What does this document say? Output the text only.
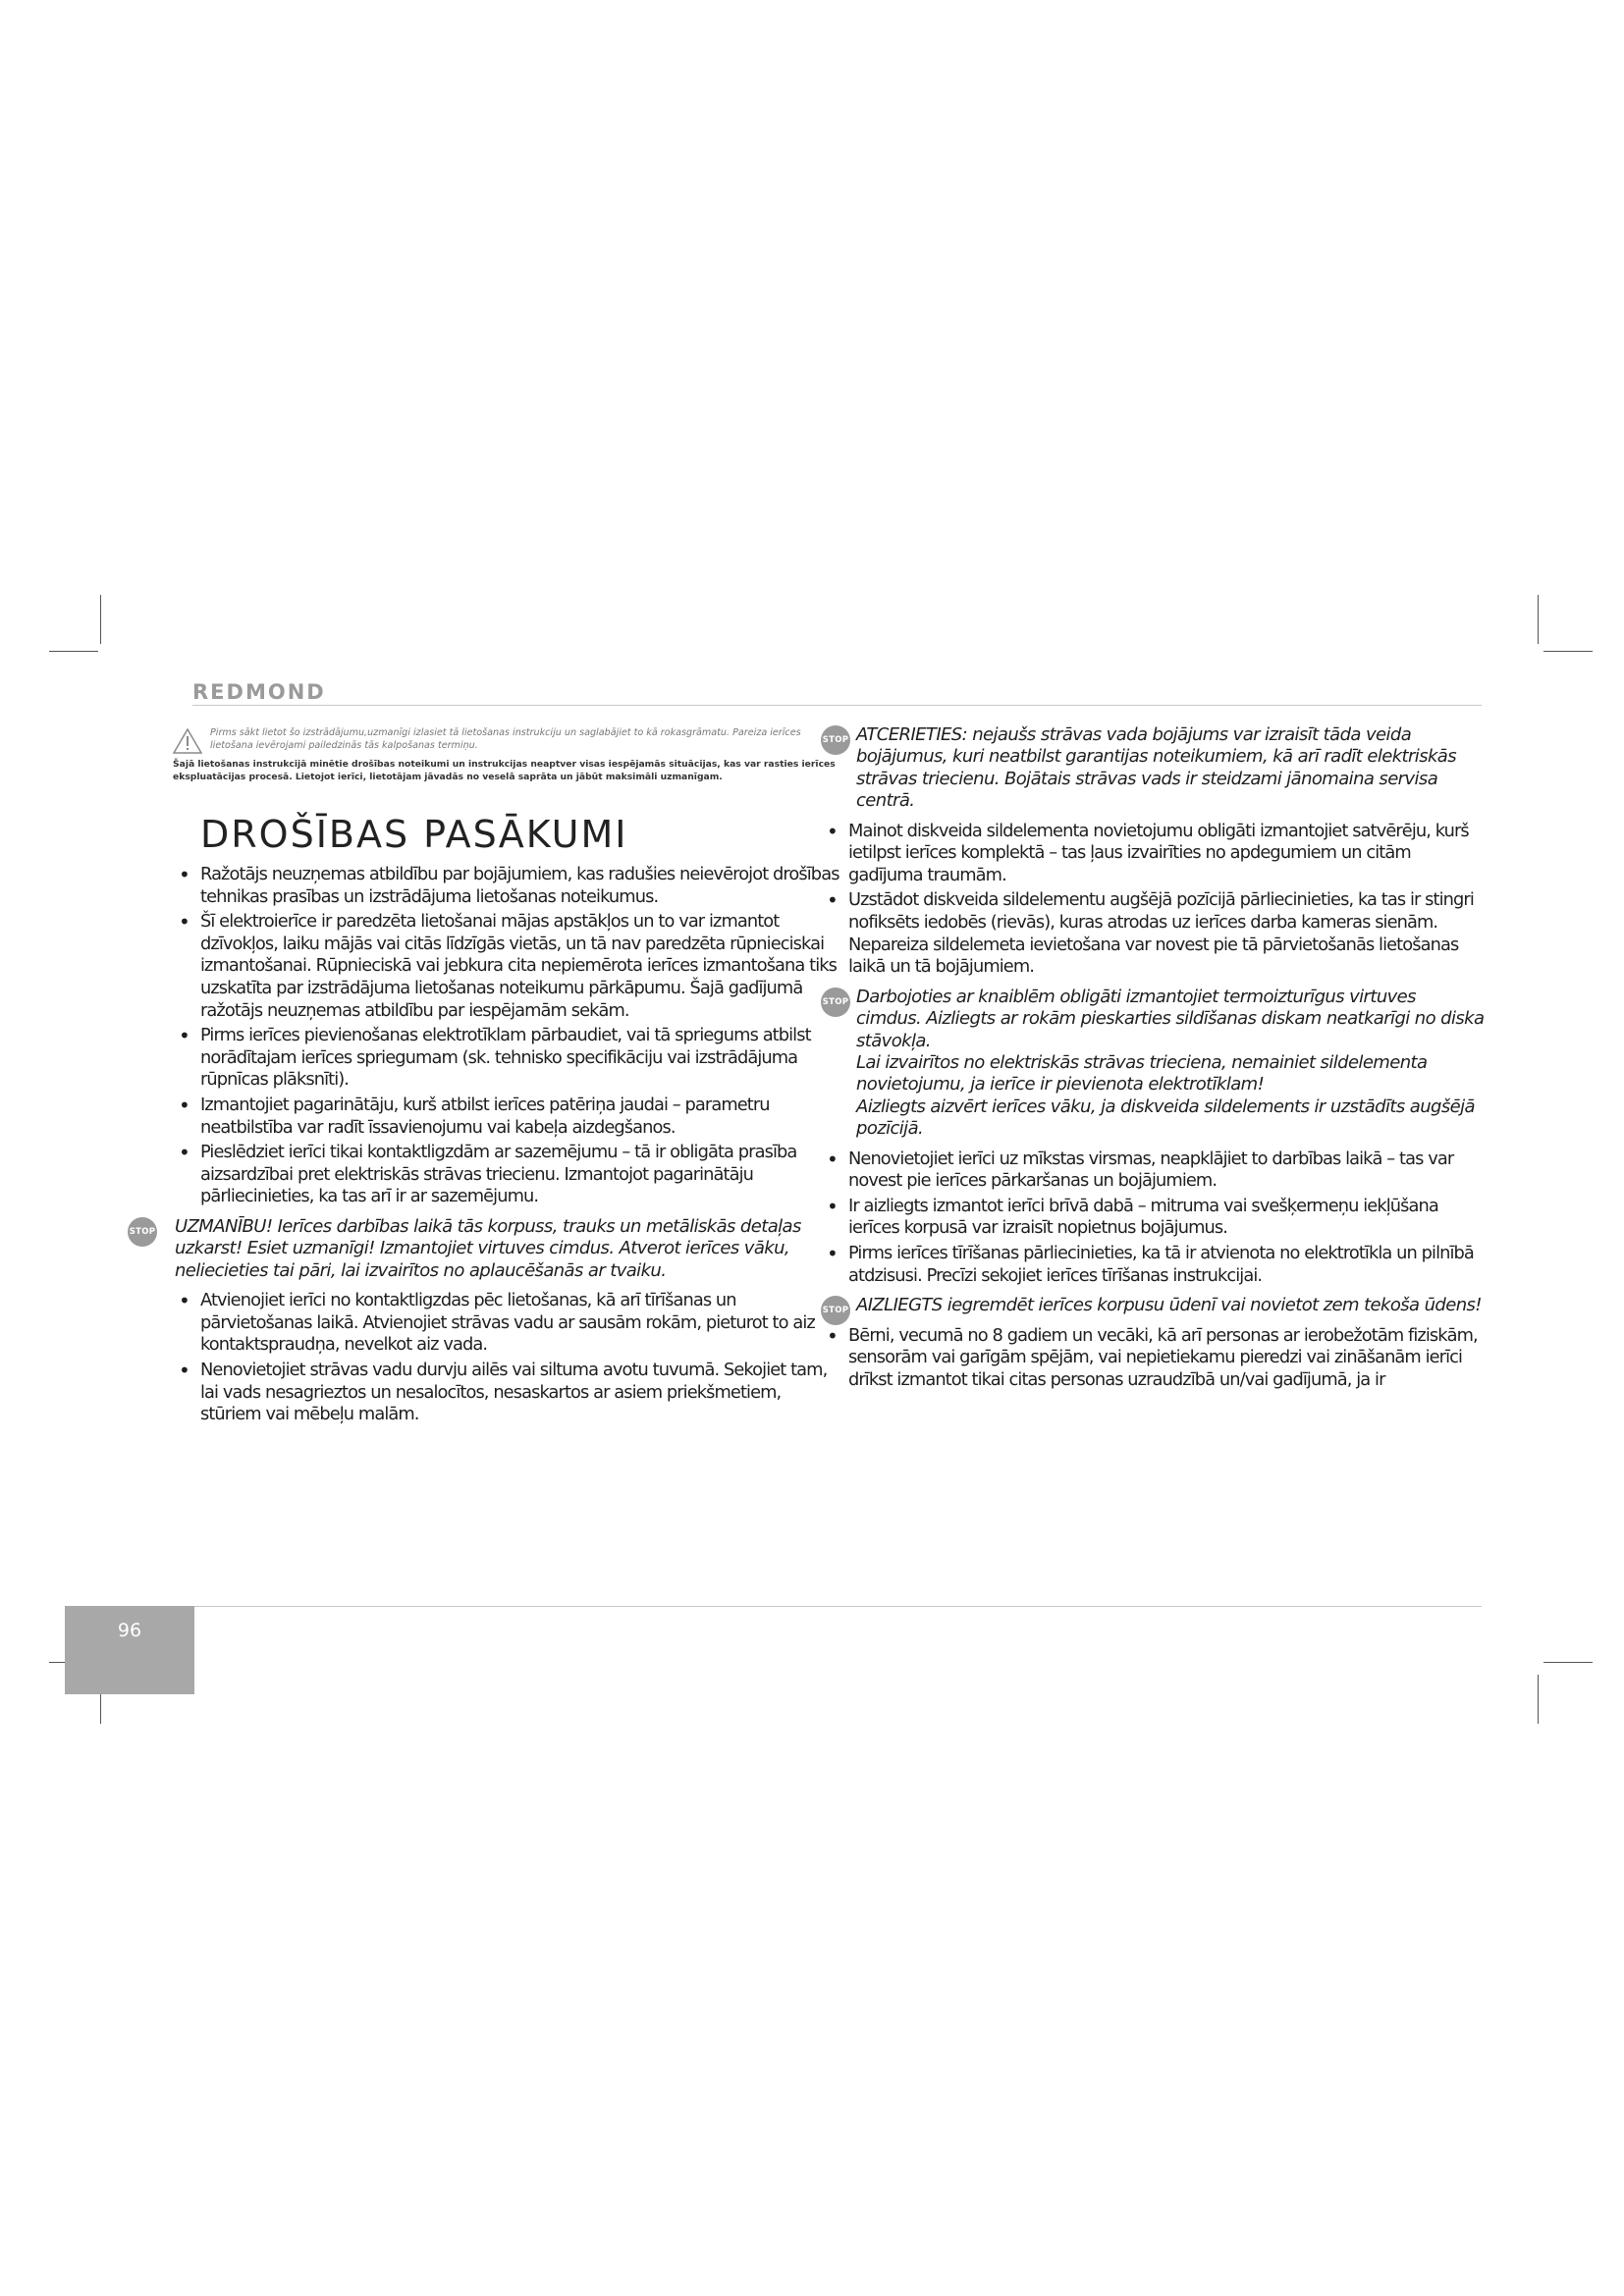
REDMOND
Pirms sākt lietot šo izstrādājumu,uzmanīgi izlasiet tā lietošanas instrukciju un saglabājiet to kā rokasgrāmatu. Pareiza ierīces lietošana ievērojami pailedzinās tās kalpošanas termiņu.
Šajā lietošanas instrukcijā minētie drošības noteikumi un instrukcijas neaptver visas iespējamās situācijas, kas var rasties ierīces ekspluatācijas procesā. Lietojot ierīci, lietotājam jāvadās no veselā saprāta un jābūt maksimāli uzmanīgam.
DROŠĪBAS PASĀKUMI
• Ražotājs neuzņemas atbildību par bojājumiem, kas radušies neievērojot drošības tehnikas prasības un izstrādājuma lietošanas noteikumus.
• Šī elektroierīce ir paredzēta lietošanai mājas apstākļos un to var izmantot dzīvokļos, laiku mājās vai citās līdzīgās vietās, un tā nav paredzēta rūpnieciskai izmantošanai. Rūpnieciskā vai jebkura cita nepiemērota ierīces izmantošana tiks uzskatīta par izstrādājuma lietošanas noteikumu pārkāpumu. Šajā gadījumā ražotājs neuzņemas atbildību par iespējamām sekām.
• Pirms ierīces pievienošanas elektrotīklam pārbaudiet, vai tā spriegums atbilst norādītajam ierīces spriegumam (sk. tehnisko specifikāciju vai izstrādājuma rūpnīcas plāksnīti).
• Izmantojiet pagarinātāju, kurš atbilst ierīces patēriņa jaudai – parametru neatbilstība var radīt īssavienojumu vai kabeļa aizdegšanos.
• Pieslēdziet ierīci tikai kontaktligzdām ar sazemējumu – tā ir obligāta prasība aizsardzībai pret elektriskās strāvas triecienu. Izmantojot pagarinātāju pārliecinieties, ka tas arī ir ar sazemējumu.
STOP	UZMANĪBU! Ierīces darbības laikā tās korpuss, trauks un metāliskās detaļas uzkarst! Esiet uzmanīgi! Izmantojiet virtuves cimdus. Atverot ierīces vāku, neliecieties tai pāri, lai izvairītos no aplaucēšanās ar tvaiku.
• Atvienojiet ierīci no kontaktligzdas pēc lietošanas, kā arī tīrīšanas un pārvietošanas laikā. Atvienojiet strāvas vadu ar sausām rokām, pieturot to aiz kontaktspraudņa, nevelkot aiz vada.
• Nenovietojiet strāvas vadu durvju ailēs vai siltuma avotu tuvumā. Sekojiet tam, lai vads nesagrieztos un nesalocītos, nesaskartos ar asiem priekšmetiem, stūriem vai mēbeļu malām.
STOP ATCERIETIES: nejaušs strāvas vada bojājums var izraisīt tāda veida bojājumus, kuri neatbilst garantijas noteikumiem, kā arī radīt elektriskās strāvas triecienu. Bojātais strāvas vads ir steidzami jānomaina servisa centrā.
• Mainot diskveida sildelementa novietojumu obligāti izmantojiet satvērēju, kurš ietilpst ierīces komplektā – tas ļaus izvairīties no apdegumiem un citām gadījuma traumām.
• Uzstādot diskveida sildelementu augšējā pozīcijā pārliecinieties, ka tas ir stingri nofiksēts iedobēs (rievās), kuras atrodas uz ierīces darba kameras sienām. Nepareiza sildelemeta ievietošana var novest pie tā pārvietošanās lietošanas laikā un tā bojājumiem.
STOP Darbojoties ar knaiblēm obligāti izmantojiet termoizturīgus virtuves cimdus. Aizliegts ar rokām pieskarties sildīšanas diskam neatkarīgi no diska stāvokļa.
Lai izvairītos no elektriskās strāvas trieciena, nemainiet sildelementa novietojumu, ja ierīce ir pievienota elektrotīklam!
Aizliegts aizvērt ierīces vāku, ja diskveida sildelements ir uzstādīts augšējā pozīcijā.
• Nenovietojiet ierīci uz mīkstas virsmas, neapklājiet to darbības laikā – tas var novest pie ierīces pārkaršanas un bojājumiem.
• Ir aizliegts izmantot ierīci brīvā dabā – mitruma vai svešķermeņu iekļūšana ierīces korpusā var izraisīt nopietnus bojājumus.
• Pirms ierīces tīrīšanas pārliecinieties, ka tā ir atvienota no elektrotīkla un pilnībā atdzisusi. Precīzi sekojiet ierīces tīrīšanas instrukcijai.
STOP AIZLIEGTS iegremdēt ierīces korpusu ūdenī vai novietot zem tekoša ūdens!
• Bērni, vecumā no 8 gadiem un vecāki, kā arī personas ar ierobežotām fiziskām, sensorām vai garīgām spējām, vai nepietiekamu pieredzi vai zināšanām ierīci drīkst izmantot tikai citas personas uzraudzībā un/vai gadījumā, ja ir
96
